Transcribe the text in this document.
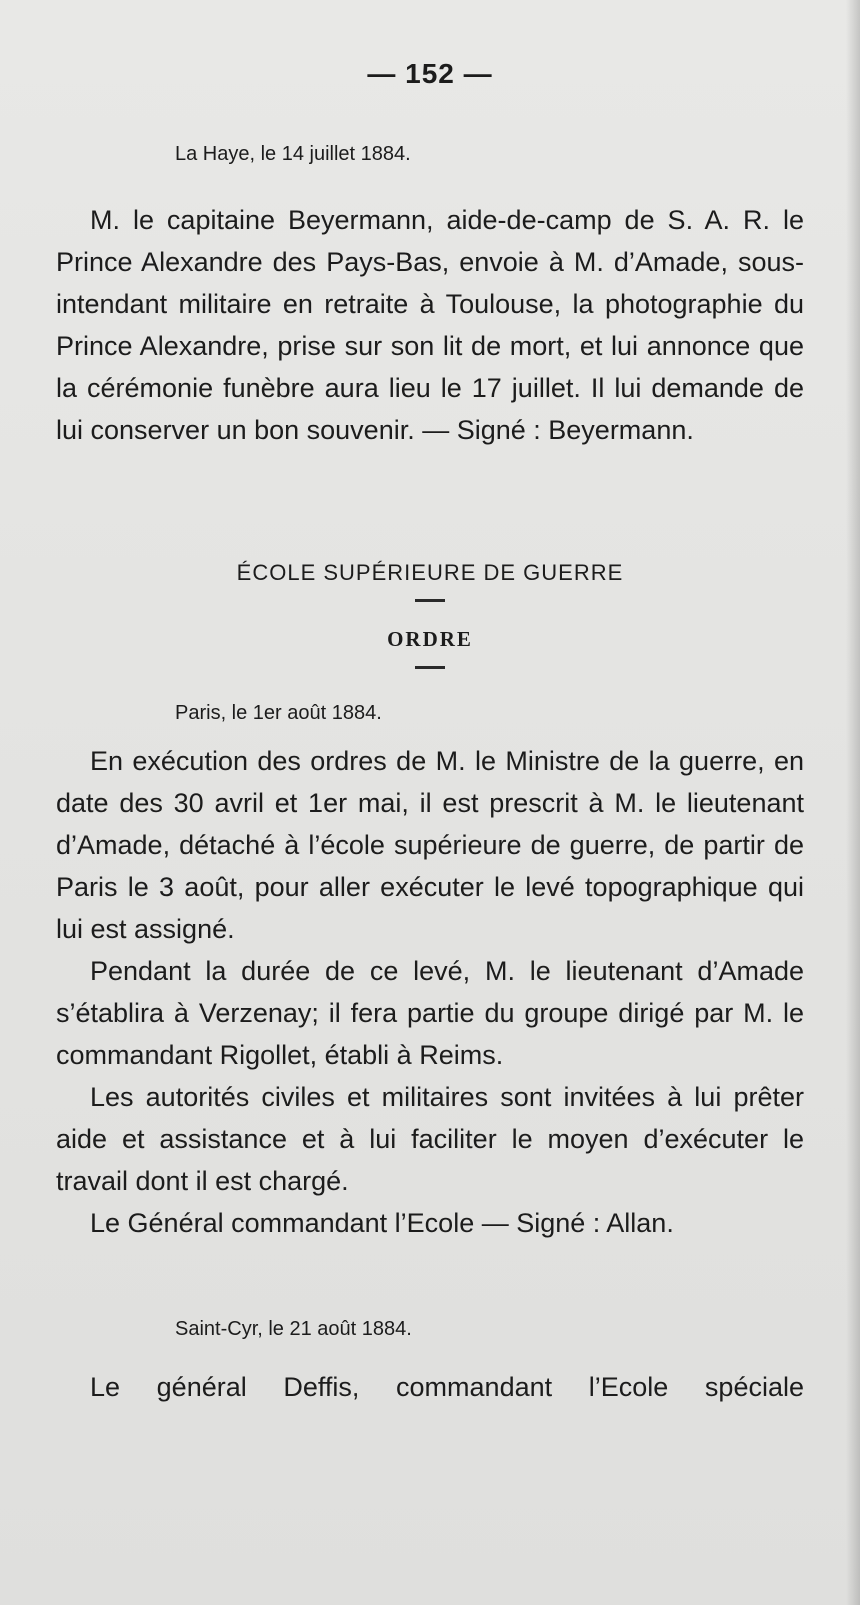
— 152 —
La Haye, le 14 juillet 1884.

M. le capitaine Beyermann, aide-de-camp de S. A. R. le Prince Alexandre des Pays-Bas, envoie à M. d’Amade, sous-intendant militaire en retraite à Toulouse, la photographie du Prince Alexandre, prise sur son lit de mort, et lui annonce que la cérémonie funèbre aura lieu le 17 juillet. Il lui demande de lui conserver un bon souvenir. — Signé : Beyermann.

ÉCOLE SUPÉRIEURE DE GUERRE
ORDRE
Paris, le 1er août 1884.

En exécution des ordres de M. le Ministre de la guerre, en date des 30 avril et 1er mai, il est prescrit à M. le lieutenant d’Amade, détaché à l’école supérieure de guerre, de partir de Paris le 3 août, pour aller exécuter le levé topographique qui lui est assigné.

Pendant la durée de ce levé, M. le lieutenant d’Amade s’établira à Verzenay; il fera partie du groupe dirigé par M. le commandant Rigollet, établi à Reims.

Les autorités civiles et militaires sont invitées à lui prêter aide et assistance et à lui faciliter le moyen d’exécuter le travail dont il est chargé.

Le Général commandant l’Ecole — Signé : Allan.

Saint-Cyr, le 21 août 1884.

Le général Deffis, commandant l’Ecole spéciale
